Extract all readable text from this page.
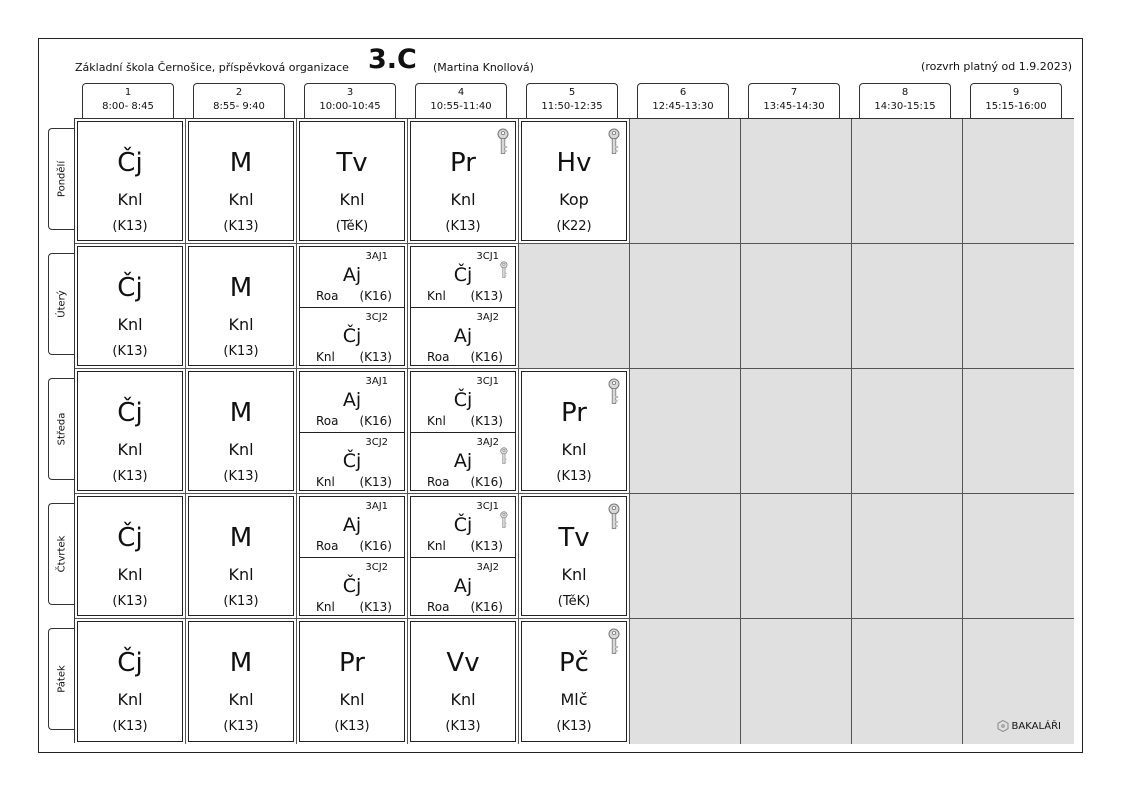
Základní škola Černošice, příspěvková organizace 3.C (Martina Knollová)	(rozvrh platný od 1.9.2023)
1
8:00- 8:45
2
8:55- 9:40
3
10:00-10:45
4
10:55-11:40
5
11:50-12:35
6
12:45-13:30
7
13:45-14:30
8
14:30-15:15
9
15:15-16:00
Pondělí
Úterý
Středa
Čtvrtek
Pátek
Pč
Mlč
(K13)
Vv
Knl
(K13)
Pr
Knl
(K13)
M
Knl
(K13)
Čj
Knl
(K13)
Tv
Knl
(TěK)
3CJ1
Čj
Knl (K13)
3AJ2
Aj
Roa (K16)
3AJ1
Aj
Roa (K16)
3CJ2
Čj
Knl (K13)
M
Knl
(K13)
Čj
Knl
(K13)
Pr
Knl
(K13)
3CJ1
Čj
Knl (K13)
3AJ2
Aj
Roa (K16)
3AJ1
Aj
Roa (K16)
3CJ2
Čj
Knl (K13)
M
Knl
(K13)
Čj
Knl
(K13)
3CJ1
Čj
Knl (K13)
3AJ2
Aj
Roa (K16)
3AJ1
Aj
Roa (K16)
3CJ2
Čj
Knl (K13)
M
Knl
(K13)
Čj
Knl
(K13)
Hv
Kop
(K22)
Pr
Knl
(K13)
Tv
Knl
(TěK)
M
Knl
(K13)
Čj
Knl
(K13)
BAKALÁŘI
